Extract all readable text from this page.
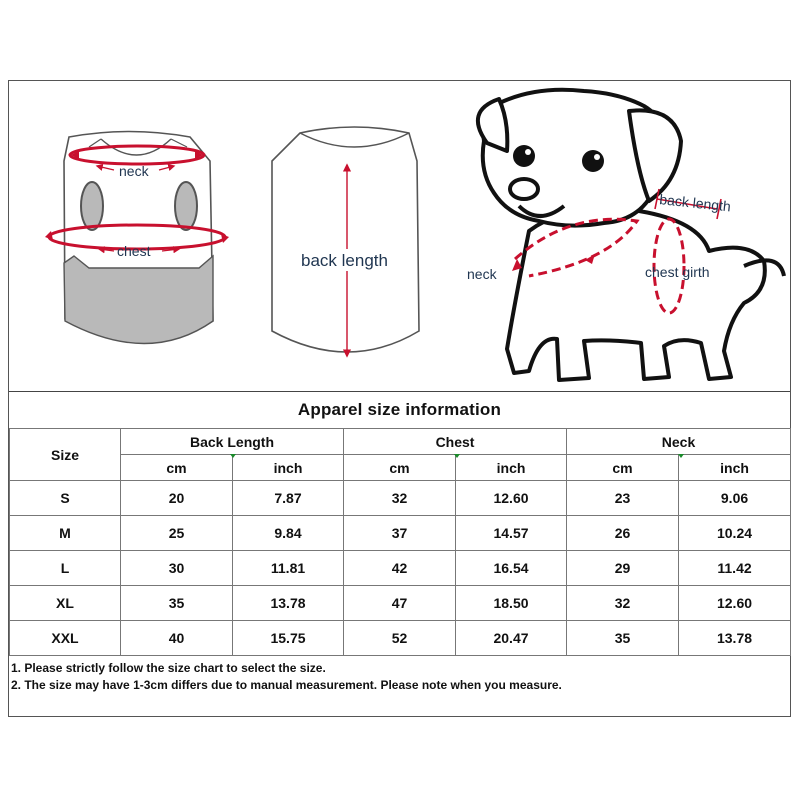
neck
chest	back length
back length
neck	chest girth
Apparel size information
Size	Back Length		Chest		Neck	
	cm	inch	cm	inch	cm	inch
S	20	7.87	32	12.60	23	9.06
M	25	9.84	37	14.57	26	10.24
L	30	11.81	42	16.54	29	11.42
XL	35	13.78	47	18.50	32	12.60
XXL	40	15.75	52	20.47	35	13.78
1. Please strictly follow the size chart to select the size.
2. The size may have 1-3cm differs due to manual measurement. Please note when you measure.
